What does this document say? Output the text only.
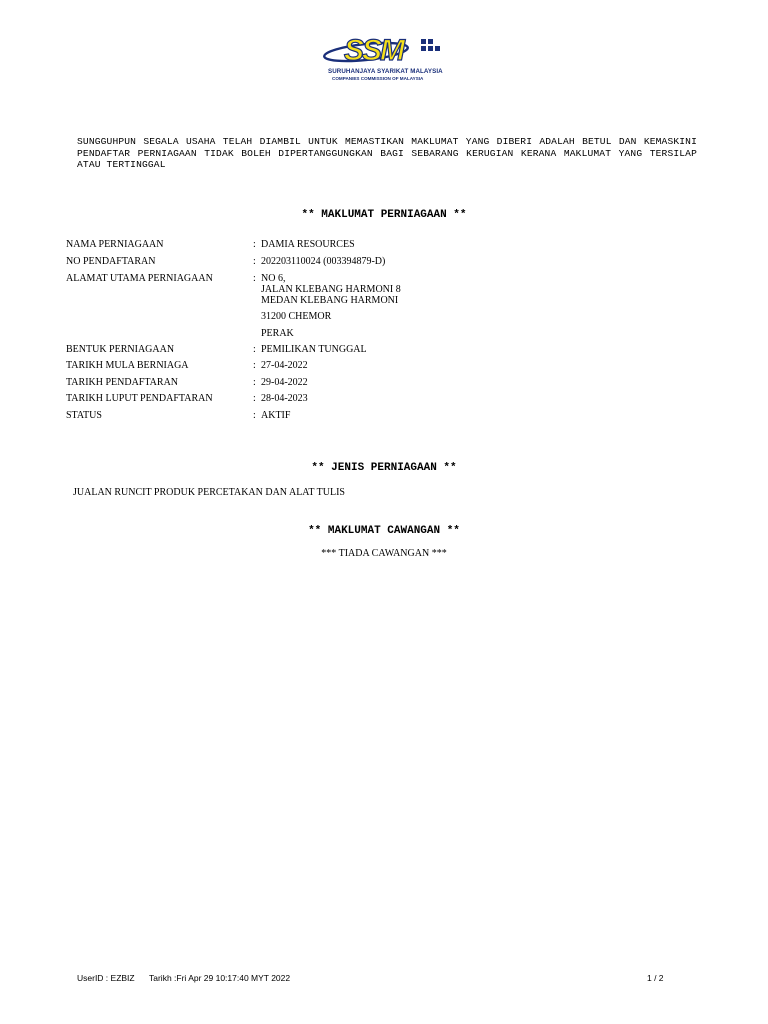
SSM
SURUHANJAYA SYARIKAT MALAYSIA
COMPANIES COMMISSION OF MALAYSIA

SUNGGUHPUN SEGALA USAHA TELAH DIAMBIL UNTUK MEMASTIKAN MAKLUMAT YANG DIBERI ADALAH BETUL DAN KEMASKINI PENDAFTAR PERNIAGAAN TIDAK BOLEH DIPERTANGGUNGKAN BAGI SEBARANG KERUGIAN KERANA MAKLUMAT YANG TERSILAP ATAU TERTINGGAL

** MAKLUMAT PERNIAGAAN **
NAMA PERNIAGAAN	: DAMIA RESOURCES
NO PENDAFTARAN	: 202203110024 (003394879-D)
ALAMAT UTAMA PERNIAGAAN	: NO 6,
JALAN KLEBANG HARMONI 8
MEDAN KLEBANG HARMONI
31200 CHEMOR
PERAK
BENTUK PERNIAGAAN	: PEMILIKAN TUNGGAL
TARIKH MULA BERNIAGA	: 27-04-2022
TARIKH PENDAFTARAN	: 29-04-2022
TARIKH LUPUT PENDAFTARAN	: 28-04-2023
STATUS	: AKTIF
** JENIS PERNIAGAAN **
JUALAN RUNCIT PRODUK PERCETAKAN DAN ALAT TULIS
** MAKLUMAT CAWANGAN **
*** TIADA CAWANGAN ***
UserID : EZBIZ Tarikh :Fri Apr 29 10:17:40 MYT 2022	1 / 2
